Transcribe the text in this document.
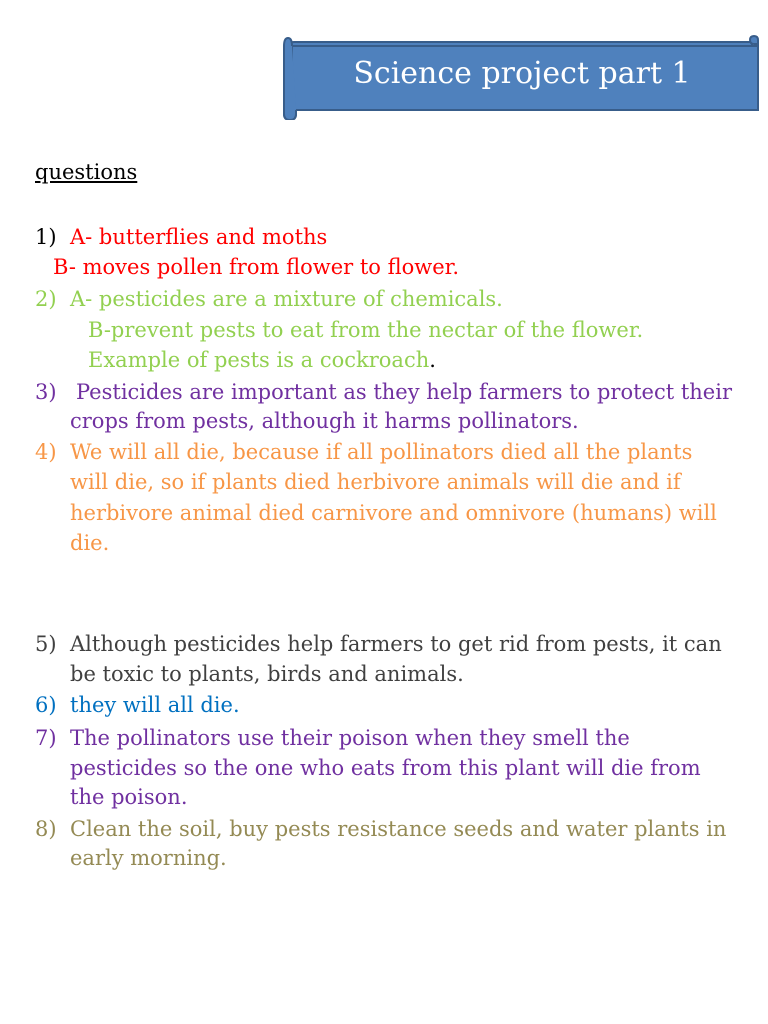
Science project part 1
questions
1) A- butterflies and moths
B- moves pollen from flower to flower.
2) A- pesticides are a mixture of chemicals.
B-prevent pests to eat from the nectar of the flower.
Example of pests is a cockroach.
3) Pesticides are important as they help farmers to protect their
crops from pests, although it harms pollinators.
4) We will all die, because if all pollinators died all the plants
will die, so if plants died herbivore animals will die and if
herbivore animal died carnivore and omnivore (humans) will
die.
5) Although pesticides help farmers to get rid from pests, it can
be toxic to plants, birds and animals.
6) they will all die.
7) The pollinators use their poison when they smell the
pesticides so the one who eats from this plant will die from
the poison.
8) Clean the soil, buy pests resistance seeds and water plants in
early morning.
